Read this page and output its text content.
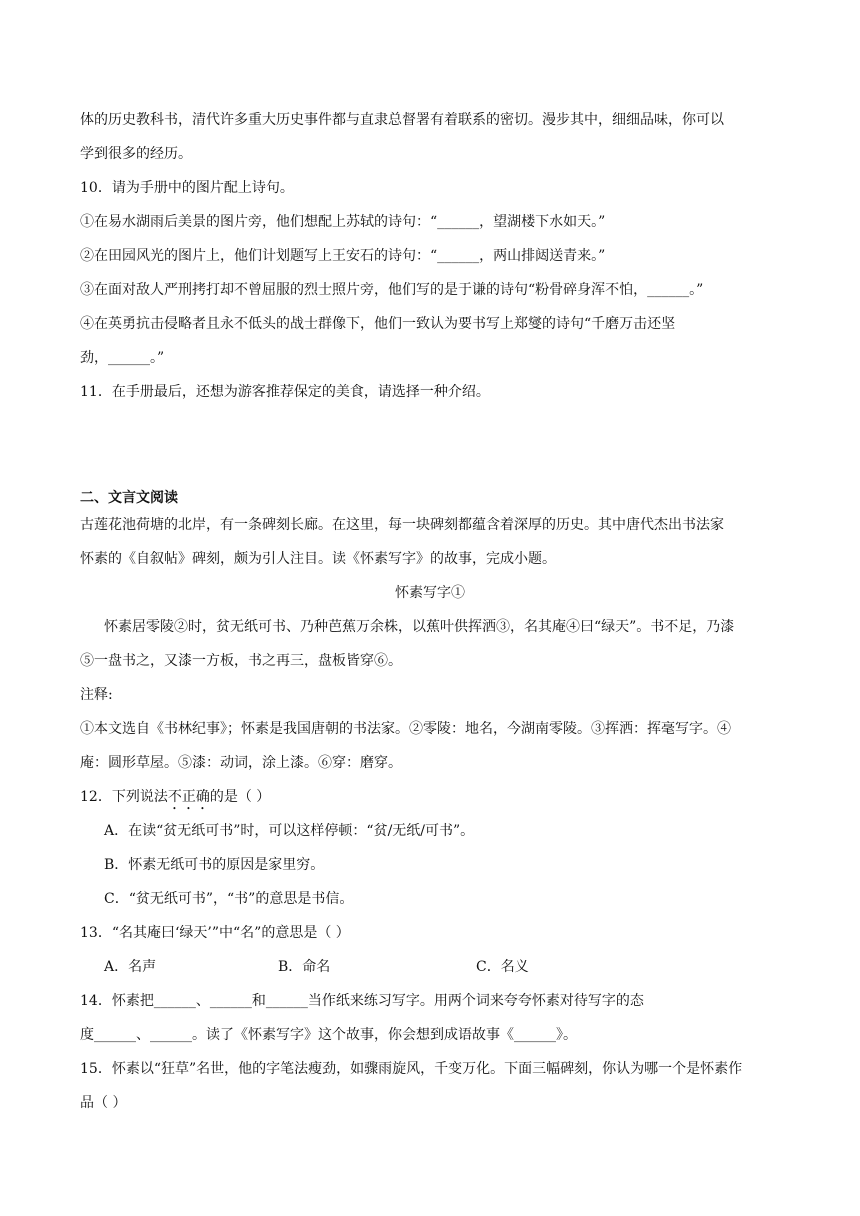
体的历史教科书，清代许多重大历史事件都与直隶总督署有着联系的密切。漫步其中，细细品味，你可以
学到很多的经历。
10．请为手册中的图片配上诗句。
①在易水湖雨后美景的图片旁，他们想配上苏轼的诗句：“______，望湖楼下水如天。”
②在田园风光的图片上，他们计划题写上王安石的诗句：“______，两山排闼送青来。”
③在面对敌人严刑拷打却不曾屈服的烈士照片旁，他们写的是于谦的诗句“粉骨碎身浑不怕，______。”
④在英勇抗击侵略者且永不低头的战士群像下，他们一致认为要书写上郑燮的诗句“千磨万击还坚
劲，______。”
11．在手册最后，还想为游客推荐保定的美食，请选择一种介绍。
二、文言文阅读
古莲花池荷塘的北岸，有一条碑刻长廊。在这里，每一块碑刻都蕴含着深厚的历史。其中唐代杰出书法家
怀素的《自叙帖》碑刻，颇为引人注目。读《怀素写字》的故事，完成小题。
怀素写字①
怀素居零陵②时，贫无纸可书、乃种芭蕉万余株，以蕉叶供挥洒③，名其庵④曰“绿天”。书不足，乃漆
⑤一盘书之，又漆一方板，书之再三，盘板皆穿⑥。
注释:
①本文选自《书林纪事》；怀素是我国唐朝的书法家。②零陵：地名，今湖南零陵。③挥洒：挥毫写字。④
庵：圆形草屋。⑤漆：动词，涂上漆。⑥穿：磨穿。
12．下列说法不正确的是（ ）
A．在读“贫无纸可书”时，可以这样停顿：“贫/无纸/可书”。
B．怀素无纸可书的原因是家里穷。
C．“贫无纸可书”，“书”的意思是书信。
13．“名其庵曰‘绿天’”中“名”的意思是（ ）
A．名声	B．命名	C．名义
14．怀素把______、______和______当作纸来练习写字。用两个词来夸夸怀素对待写字的态
度______、______。读了《怀素写字》这个故事，你会想到成语故事《______》。
15．怀素以“狂草”名世，他的字笔法瘦劲，如骤雨旋风，千变万化。下面三幅碑刻，你认为哪一个是怀素作
品（ ）
